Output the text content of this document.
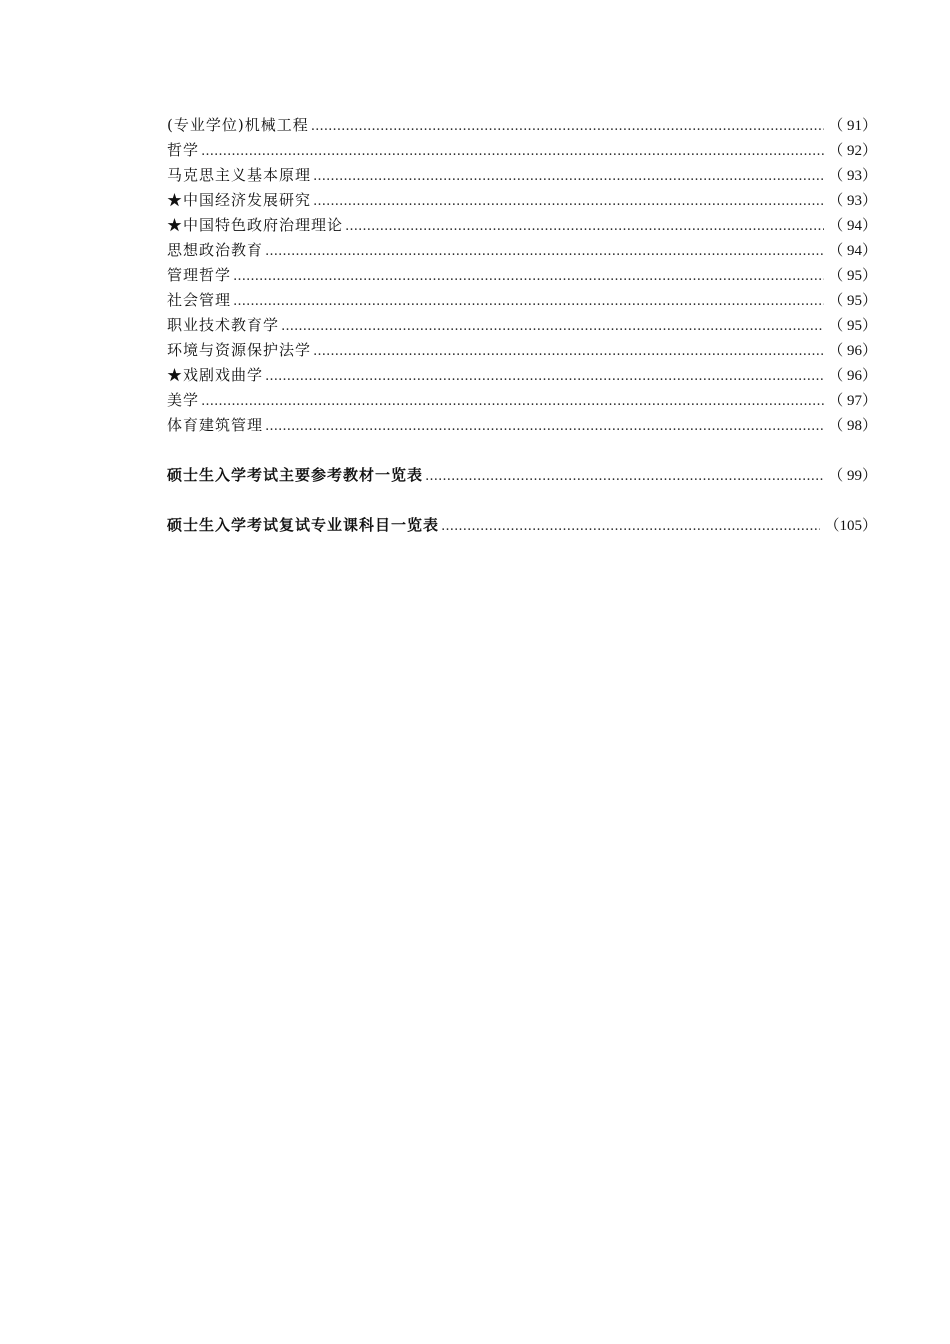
(专业学位)机械工程 ……………………………………………………………………………………………………………………………………………………………………………	（ 91）
哲学 ……………………………………………………………………………………………………………………………………………………………………………	（ 92）
马克思主义基本原理 ……………………………………………………………………………………………………………………………………………………………………………	（ 93）
★中国经济发展研究 ……………………………………………………………………………………………………………………………………………………………………………	（ 93）
★中国特色政府治理理论 ……………………………………………………………………………………………………………………………………………………………………………	（ 94）
思想政治教育 ……………………………………………………………………………………………………………………………………………………………………………	（ 94）
管理哲学 ……………………………………………………………………………………………………………………………………………………………………………	（ 95）
社会管理 ……………………………………………………………………………………………………………………………………………………………………………	（ 95）
职业技术教育学 ……………………………………………………………………………………………………………………………………………………………………………	（ 95）
环境与资源保护法学 ……………………………………………………………………………………………………………………………………………………………………………	（ 96）
★戏剧戏曲学 ……………………………………………………………………………………………………………………………………………………………………………	（ 96）
美学 ……………………………………………………………………………………………………………………………………………………………………………	（ 97）
体育建筑管理 ……………………………………………………………………………………………………………………………………………………………………………	（ 98）
硕士生入学考试主要参考教材一览表 ……………………………………………………………………………………………………………………………………………………………………………	（ 99）
硕士生入学考试复试专业课科目一览表 ……………………………………………………………………………………………………………………………………………………………………………	（105）
